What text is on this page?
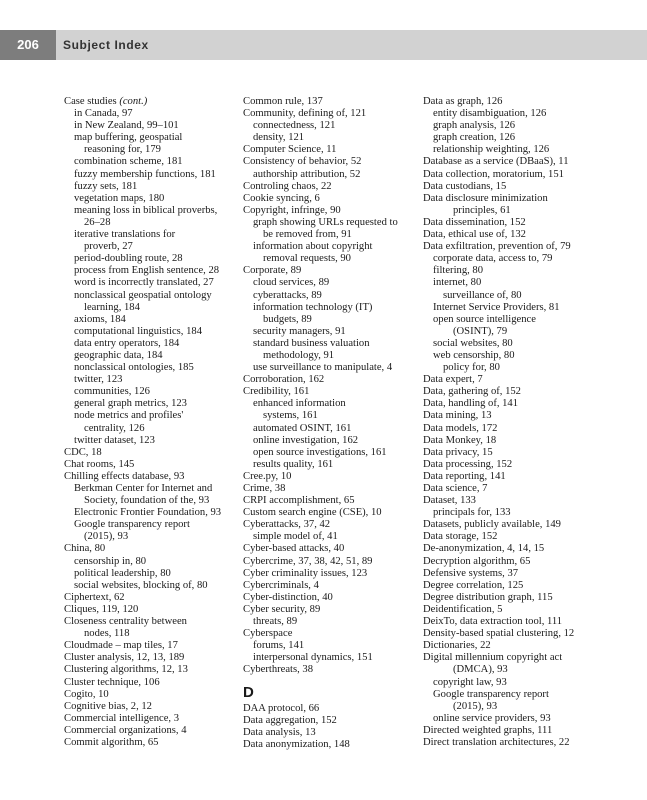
206	Subject Index
Case studies (cont.)
in Canada, 97
in New Zealand, 99–101
map buffering, geospatial
reasoning for, 179
combination scheme, 181
fuzzy membership functions, 181
fuzzy sets, 181
vegetation maps, 180
meaning loss in biblical proverbs,
26–28
iterative translations for
proverb, 27
period-doubling route, 28
process from English sentence, 28
word is incorrectly translated, 27
nonclassical geospatial ontology
learning, 184
axioms, 184
computational linguistics, 184
data entry operators, 184
geographic data, 184
nonclassical ontologies, 185
twitter, 123
communities, 126
general graph metrics, 123
node metrics and profiles'
centrality, 126
twitter dataset, 123
CDC, 18
Chat rooms, 145
Chilling effects database, 93
Berkman Center for Internet and
Society, foundation of the, 93
Electronic Frontier Foundation, 93
Google transparency report
(2015), 93
China, 80
censorship in, 80
political leadership, 80
social websites, blocking of, 80
Ciphertext, 62
Cliques, 119, 120
Closeness centrality between
nodes, 118
Cloudmade – map tiles, 17
Cluster analysis, 12, 13, 189
Clustering algorithms, 12, 13
Cluster technique, 106
Cogito, 10
Cognitive bias, 2, 12
Commercial intelligence, 3
Commercial organizations, 4
Commit algorithm, 65
Common rule, 137
Community, defining of, 121
connectedness, 121
density, 121
Computer Science, 11
Consistency of behavior, 52
authorship attribution, 52
Controling chaos, 22
Cookie syncing, 6
Copyright, infringe, 90
graph showing URLs requested to
be removed from, 91
information about copyright
removal requests, 90
Corporate, 89
cloud services, 89
cyberattacks, 89
information technology (IT)
budgets, 89
security managers, 91
standard business valuation
methodology, 91
use surveillance to manipulate, 4
Corroboration, 162
Credibility, 161
enhanced information
systems, 161
automated OSINT, 161
online investigation, 162
open source investigations, 161
results quality, 161
Cree.py, 10
Crime, 38
CRPI accomplishment, 65
Custom search engine (CSE), 10
Cyberattacks, 37, 42
simple model of, 41
Cyber-based attacks, 40
Cybercrime, 37, 38, 42, 51, 89
Cyber criminality issues, 123
Cybercriminals, 4
Cyber-distinction, 40
Cyber security, 89
threats, 89
Cyberspace
forums, 141
interpersonal dynamics, 151
Cyberthreats, 38
D
DAA protocol, 66
Data aggregation, 152
Data analysis, 13
Data anonymization, 148
Data as graph, 126
entity disambiguation, 126
graph analysis, 126
graph creation, 126
relationship weighting, 126
Database as a service (DBaaS), 11
Data collection, moratorium, 151
Data custodians, 15
Data disclosure minimization
principles, 61
Data dissemination, 152
Data, ethical use of, 132
Data exfiltration, prevention of, 79
corporate data, access to, 79
filtering, 80
internet, 80
surveillance of, 80
Internet Service Providers, 81
open source intelligence
(OSINT), 79
social websites, 80
web censorship, 80
policy for, 80
Data expert, 7
Data, gathering of, 152
Data, handling of, 141
Data mining, 13
Data models, 172
Data Monkey, 18
Data privacy, 15
Data processing, 152
Data reporting, 141
Data science, 7
Dataset, 133
principals for, 133
Datasets, publicly available, 149
Data storage, 152
De-anonymization, 4, 14, 15
Decryption algorithm, 65
Defensive systems, 37
Degree correlation, 125
Degree distribution graph, 115
Deidentification, 5
DeixTo, data extraction tool, 111
Density-based spatial clustering, 12
Dictionaries, 22
Digital millennium copyright act
(DMCA), 93
copyright law, 93
Google transparency report
(2015), 93
online service providers, 93
Directed weighted graphs, 111
Direct translation architectures, 22
